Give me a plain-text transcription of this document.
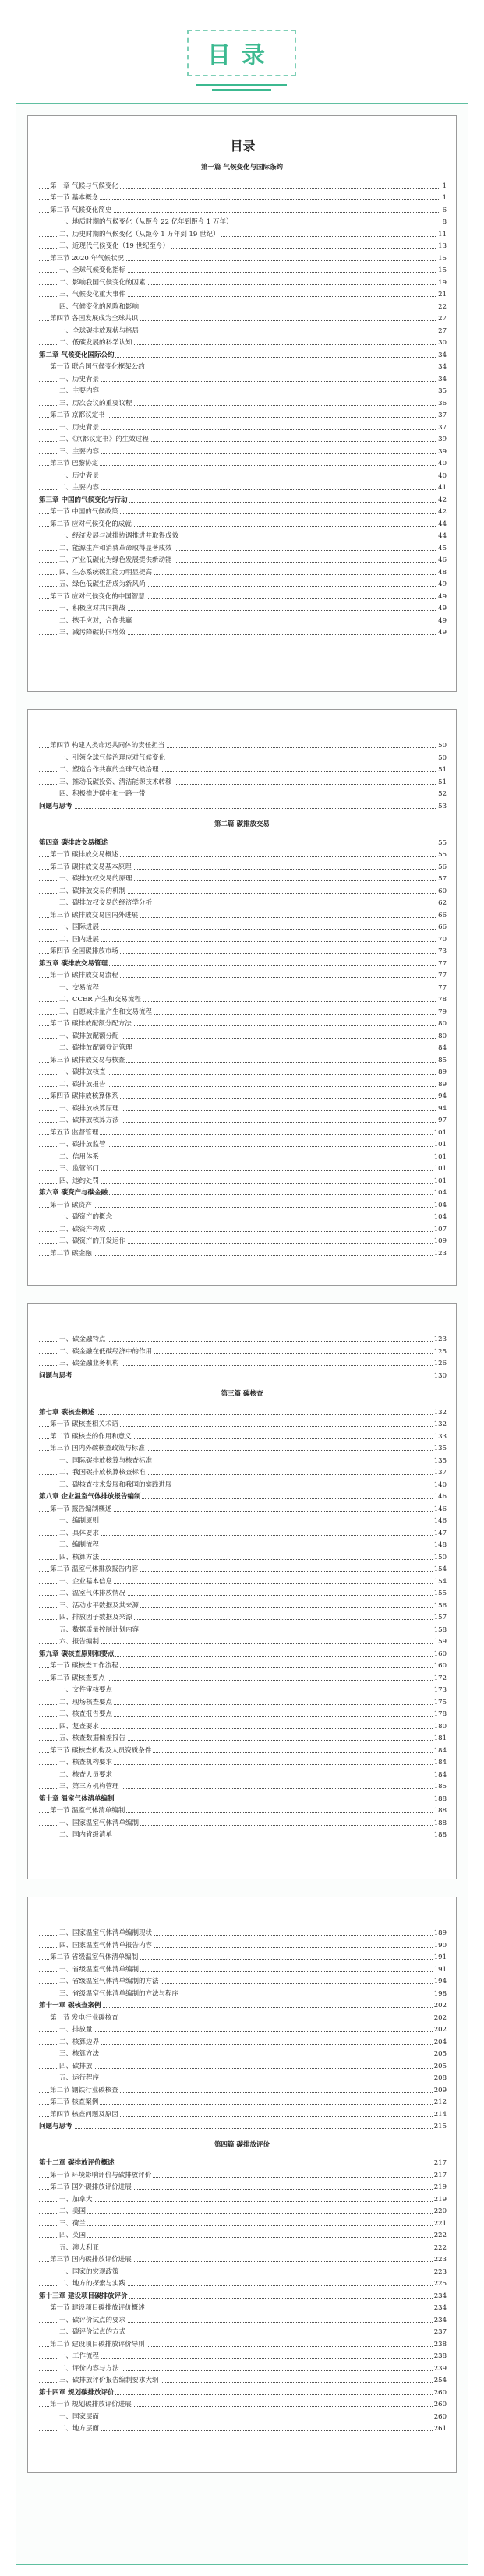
目录
目录
第一篇 气候变化与国际条约
第一章 气候与气候变化	1
第一节 基本概念	1
第二节 气候变化简史	6
一、地质时期的气候变化（从距今 22 亿年到距今 1 万年）	8
二、历史时期的气候变化（从距今 1 万年到 19 世纪）	11
三、近现代气候变化（19 世纪至今）	13
第三节 2020 年气候状况	15
一、全球气候变化指标	15
二、影响我国气候变化的因素	19
三、气候变化重大事件	21
四、气候变化的风险和影响	22
第四节 各国发展成为全球共识	27
一、全球碳排放现状与格局	27
二、低碳发展的科学认知	30
第二章 气候变化国际公约	34
第一节 联合国气候变化框架公约	34
一、历史背景	34
二、主要内容	35
三、历次会议的重要议程	36
第二节 京都议定书	37
一、历史背景	37
二、《京都议定书》的生效过程	39
三、主要内容	39
第三节 巴黎协定	40
一、历史背景	40
二、主要内容	41
第三章 中国的气候变化与行动	42
第一节 中国的气候政策	42
第二节 应对气候变化的成就	44
一、经济发展与减排协调推进并取得成效	44
二、能源生产和消费革命取得显著成效	45
三、产业低碳化为绿色发展提供新动能	46
四、生态系统碳汇能力明显提高	48
五、绿色低碳生活成为新风尚	49
第三节 应对气候变化的中国智慧	49
一、积极应对共同挑战	49
二、携手应对，合作共赢	49
三、减污降碳协同增效	49
第四节 构建人类命运共同体的责任担当	50
一、引领全球气候治理应对气候变化	50
二、塑造合作共赢的全球气候治理	51
三、推动低碳投资、清洁能源技术转移	51
四、积极推进碳中和一路一带	52
问题与思考	53
第二篇 碳排放交易
第四章 碳排放交易概述	55
第一节 碳排放交易概述	55
第二节 碳排放交易基本原理	56
一、碳排放权交易的原理	57
二、碳排放交易的机制	60
三、碳排放权交易的经济学分析	62
第三节 碳排放交易国内外进展	66
一、国际进展	66
二、国内进展	70
第四节 全国碳排放市场	73
第五章 碳排放交易管理	77
第一节 碳排放交易流程	77
一、交易流程	77
二、CCER 产生和交易流程	78
三、自愿减排量产生和交易流程	79
第二节 碳排放配额分配方法	80
一、碳排放配额分配	80
二、碳排放配额登记管理	84
第三节 碳排放交易与核查	85
一、碳排放核查	89
二、碳排放报告	89
第四节 碳排放核算体系	94
一、碳排放核算原理	94
二、碳排放核算方法	97
第五节 监督管理	101
一、碳排放监管	101
二、信用体系	101
三、监管部门	101
四、违约处罚	101
第六章 碳资产与碳金融	104
第一节 碳资产	104
一、碳资产的概念	104
二、碳资产构成	107
三、碳资产的开发运作	109
第二节 碳金融	123
一、碳金融特点	123
二、碳金融在低碳经济中的作用	125
三、碳金融业务机构	126
问题与思考	130
第三篇 碳核查
第七章 碳核查概述	132
第一节 碳核查相关术语	132
第二节 碳核查的作用和意义	133
第三节 国内外碳核查政策与标准	135
一、国际碳排放核算与核查标准	135
二、我国碳排放核算核查标准	137
三、碳核查技术发展和我国的实践进展	140
第八章 企业温室气体排放报告编制	146
第一节 报告编制概述	146
一、编制原则	146
二、具体要求	147
三、编制流程	148
四、核算方法	150
第二节 温室气体排放报告内容	154
一、企业基本信息	154
二、温室气体排放情况	155
三、活动水平数据及其来源	156
四、排放因子数据及来源	157
五、数据质量控制计划内容	158
六、报告编制	159
第九章 碳核查原则和要点	160
第一节 碳核查工作流程	160
第二节 碳核查要点	172
一、文件审核要点	173
二、现场核查要点	175
三、核查报告要点	178
四、复查要求	180
五、核查数据偏差报告	181
第三节 碳核查机构及人员资质条件	184
一、核查机构要求	184
二、核查人员要求	184
三、第三方机构管理	185
第十章 温室气体清单编制	188
第一节 温室气体清单编制	188
一、国家温室气体清单编制	188
二、国内省级清单	188
三、国家温室气体清单编制现状	189
四、国家温室气体清单报告内容	190
第二节 省级温室气体清单编制	191
一、省级温室气体清单编制	191
二、省级温室气体清单编制的方法	194
三、省级温室气体清单编制的方法与程序	198
第十一章 碳核查案例	202
第一节 发电行业碳核查	202
一、排放量	202
二、核算边界	204
三、核算方法	205
四、碳排放	205
五、运行程序	208
第二节 钢铁行业碳核查	209
第三节 核查案例	212
第四节 核查问题及原因	214
问题与思考	215
第四篇 碳排放评价
第十二章 碳排放评价概述	217
第一节 环境影响评价与碳排放评价	217
第二节 国外碳排放评价进展	219
一、加拿大	219
二、美国	220
三、荷兰	221
四、英国	222
五、澳大利亚	222
第三节 国内碳排放评价进展	223
一、国家的宏观政策	223
二、地方的探索与实践	225
第十三章 建设项目碳排放评价	234
第一节 建设项目碳排放评价概述	234
一、碳评价试点的要求	234
二、碳评价试点的方式	237
第二节 建设项目碳排放评价导则	238
一、工作流程	238
二、评价内容与方法	239
三、碳排放评价报告编制要求大纲	254
第十四章 规划碳排放评价	260
第一节 规划碳排放评价进展	260
一、国家层面	260
二、地方层面	261
